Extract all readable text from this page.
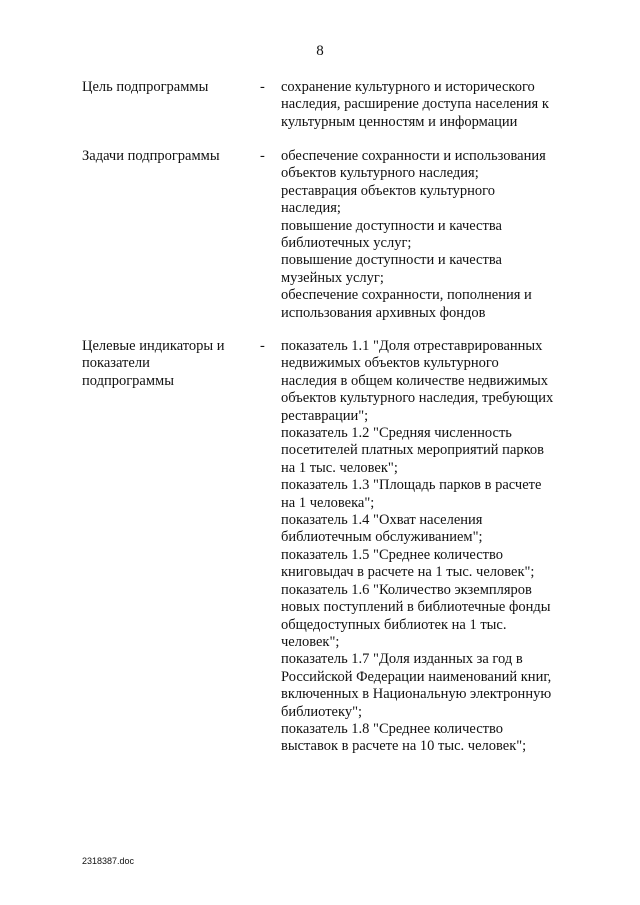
8
Цель подпрограммы	- сохранение культурного и исторического
наследия, расширение доступа населения к
культурным ценностям и информации
Задачи подпрограммы	- обеспечение сохранности и использования
объектов культурного наследия;
реставрация объектов культурного
наследия;
повышение доступности и качества
библиотечных услуг;
повышение доступности и качества
музейных услуг;
обеспечение сохранности, пополнения и
использования архивных фондов
Целевые индикаторы и
показатели
подпрограммы
- показатель 1.1 "Доля отреставрированных
недвижимых объектов культурного
наследия в общем количестве недвижимых
объектов культурного наследия, требующих
реставрации";
показатель 1.2 "Средняя численность
посетителей платных мероприятий парков
на 1 тыс. человек";
показатель 1.3 "Площадь парков в расчете
на 1 человека";
показатель 1.4 "Охват населения
библиотечным обслуживанием";
показатель 1.5 "Среднее количество
книговыдач в расчете на 1 тыс. человек";
показатель 1.6 "Количество экземпляров
новых поступлений в библиотечные фонды
общедоступных библиотек на 1 тыс.
человек";
показатель 1.7 "Доля изданных за год в
Российской Федерации наименований книг,
включенных в Национальную электронную
библиотеку";
показатель 1.8 "Среднее количество
выставок в расчете на 10 тыс. человек";
2318387.doc
